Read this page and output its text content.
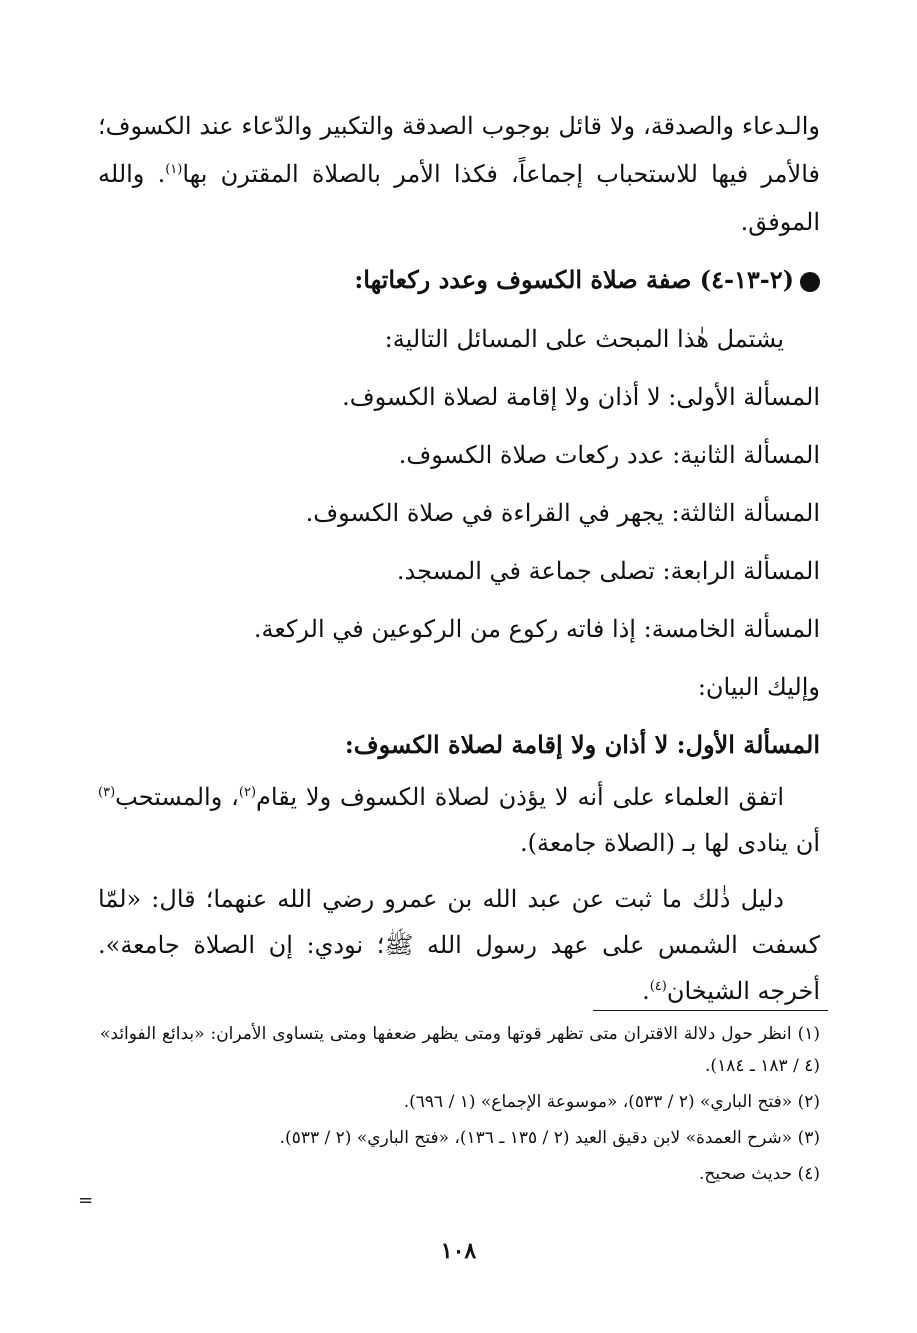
والـدعاء والصدقة، ولا قائل بوجوب الصدقة والتكبير والدّعاء عند الكسوف؛ فالأمر فيها للاستحباب إجماعاً، فكذا الأمر بالصلاة المقترن بها$^{(١)}$. والله الموفق.

(٢-١٣-٤) صفة صلاة الكسوف وعدد ركعاتها:

يشتمل هٰذا المبحث على المسائل التالية:

المسألة الأولى: لا أذان ولا إقامة لصلاة الكسوف.

المسألة الثانية: عدد ركعات صلاة الكسوف.

المسألة الثالثة: يجهر في القراءة في صلاة الكسوف.

المسألة الرابعة: تصلى جماعة في المسجد.

المسألة الخامسة: إذا فاته ركوع من الركوعين في الركعة.

وإليك البيان:

المسألة الأول: لا أذان ولا إقامة لصلاة الكسوف:

اتفق العلماء على أنه لا يؤذن لصلاة الكسوف ولا يقام$^{(٢)}$، والمستحب$^{(٣)}$ أن ينادى لها بـ (الصلاة جامعة).

دليل ذٰلك ما ثبت عن عبد الله بن عمرو رضي الله عنهما؛ قال: «لمّا كسفت الشمس على عهد رسول الله ﷺ؛ نودي: إن الصلاة جامعة». أخرجه الشيخان$^{(٤)}$.

(١) انظر حول دلالة الاقتران متى تظهر قوتها ومتى يظهر ضعفها ومتى يتساوى الأمران: «بدائع الفوائد» (٤ / ١٨٣ ـ ١٨٤).

(٢) «فتح الباري» (٢ / ٥٣٣)، «موسوعة الإجماع» (١ / ٦٩٦).

(٣) «شرح العمدة» لابن دقيق العيد (٢ / ١٣٥ ـ ١٣٦)، «فتح الباري» (٢ / ٥٣٣).

(٤) حديث صحيح.

=
١٠٨
